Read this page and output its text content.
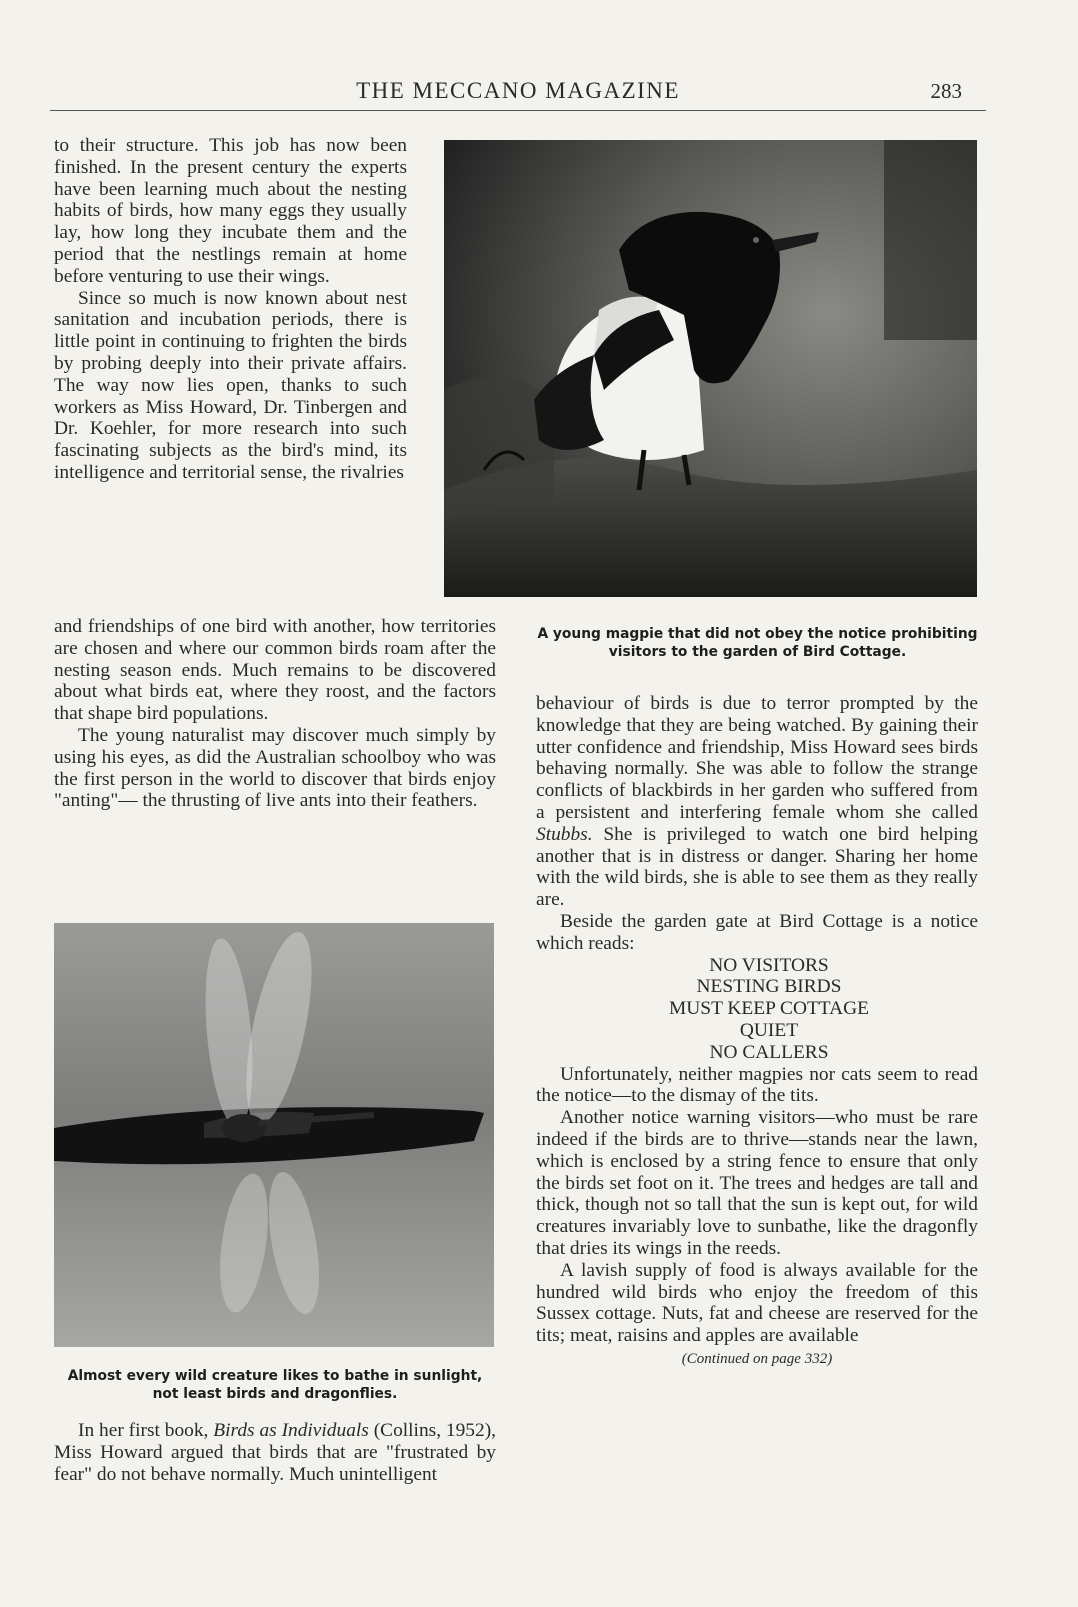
THE MECCANO MAGAZINE	283

to their structure. This job has now been finished. In the present century the experts have been learning much about the nesting habits of birds, how many eggs they usually lay, how long they incubate them and the period that the nestlings remain at home before venturing to use their wings.

Since so much is now known about nest sanitation and incubation periods, there is little point in continuing to frighten the birds by probing deeply into their private affairs. The way now lies open, thanks to such workers as Miss Howard, Dr. Tinbergen and Dr. Koehler, for more research into such fascinating subjects as the bird's mind, its intelligence and territorial sense, the rivalries

A young magpie that did not obey the notice prohibiting visitors to the garden of Bird Cottage.

and friendships of one bird with another, how territories are chosen and where our common birds roam after the nesting season ends. Much remains to be discovered about what birds eat, where they roost, and the factors that shape bird populations.

The young naturalist may discover much simply by using his eyes, as did the Australian schoolboy who was the first person in the world to discover that birds enjoy "anting"— the thrusting of live ants into their feathers.

Almost every wild creature likes to bathe in sunlight, not least birds and dragonflies.

In her first book, Birds as Individuals (Collins, 1952), Miss Howard argued that birds that are "frustrated by fear" do not behave normally. Much unintelligent

behaviour of birds is due to terror prompted by the knowledge that they are being watched. By gaining their utter confidence and friendship, Miss Howard sees birds behaving normally. She was able to follow the strange conflicts of blackbirds in her garden who suffered from a persistent and interfering female whom she called Stubbs. She is privileged to watch one bird helping another that is in distress or danger. Sharing her home with the wild birds, she is able to see them as they really are.

Beside the garden gate at Bird Cottage is a notice which reads:

NO VISITORS

NESTING BIRDS

MUST KEEP COTTAGE

QUIET

NO CALLERS

Unfortunately, neither magpies nor cats seem to read the notice—to the dismay of the tits.

Another notice warning visitors—who must be rare indeed if the birds are to thrive—stands near the lawn, which is enclosed by a string fence to ensure that only the birds set foot on it. The trees and hedges are tall and thick, though not so tall that the sun is kept out, for wild creatures invariably love to sunbathe, like the dragonfly that dries its wings in the reeds.

A lavish supply of food is always available for the hundred wild birds who enjoy the freedom of this Sussex cottage. Nuts, fat and cheese are reserved for the tits; meat, raisins and apples are available

(Continued on page 332)
